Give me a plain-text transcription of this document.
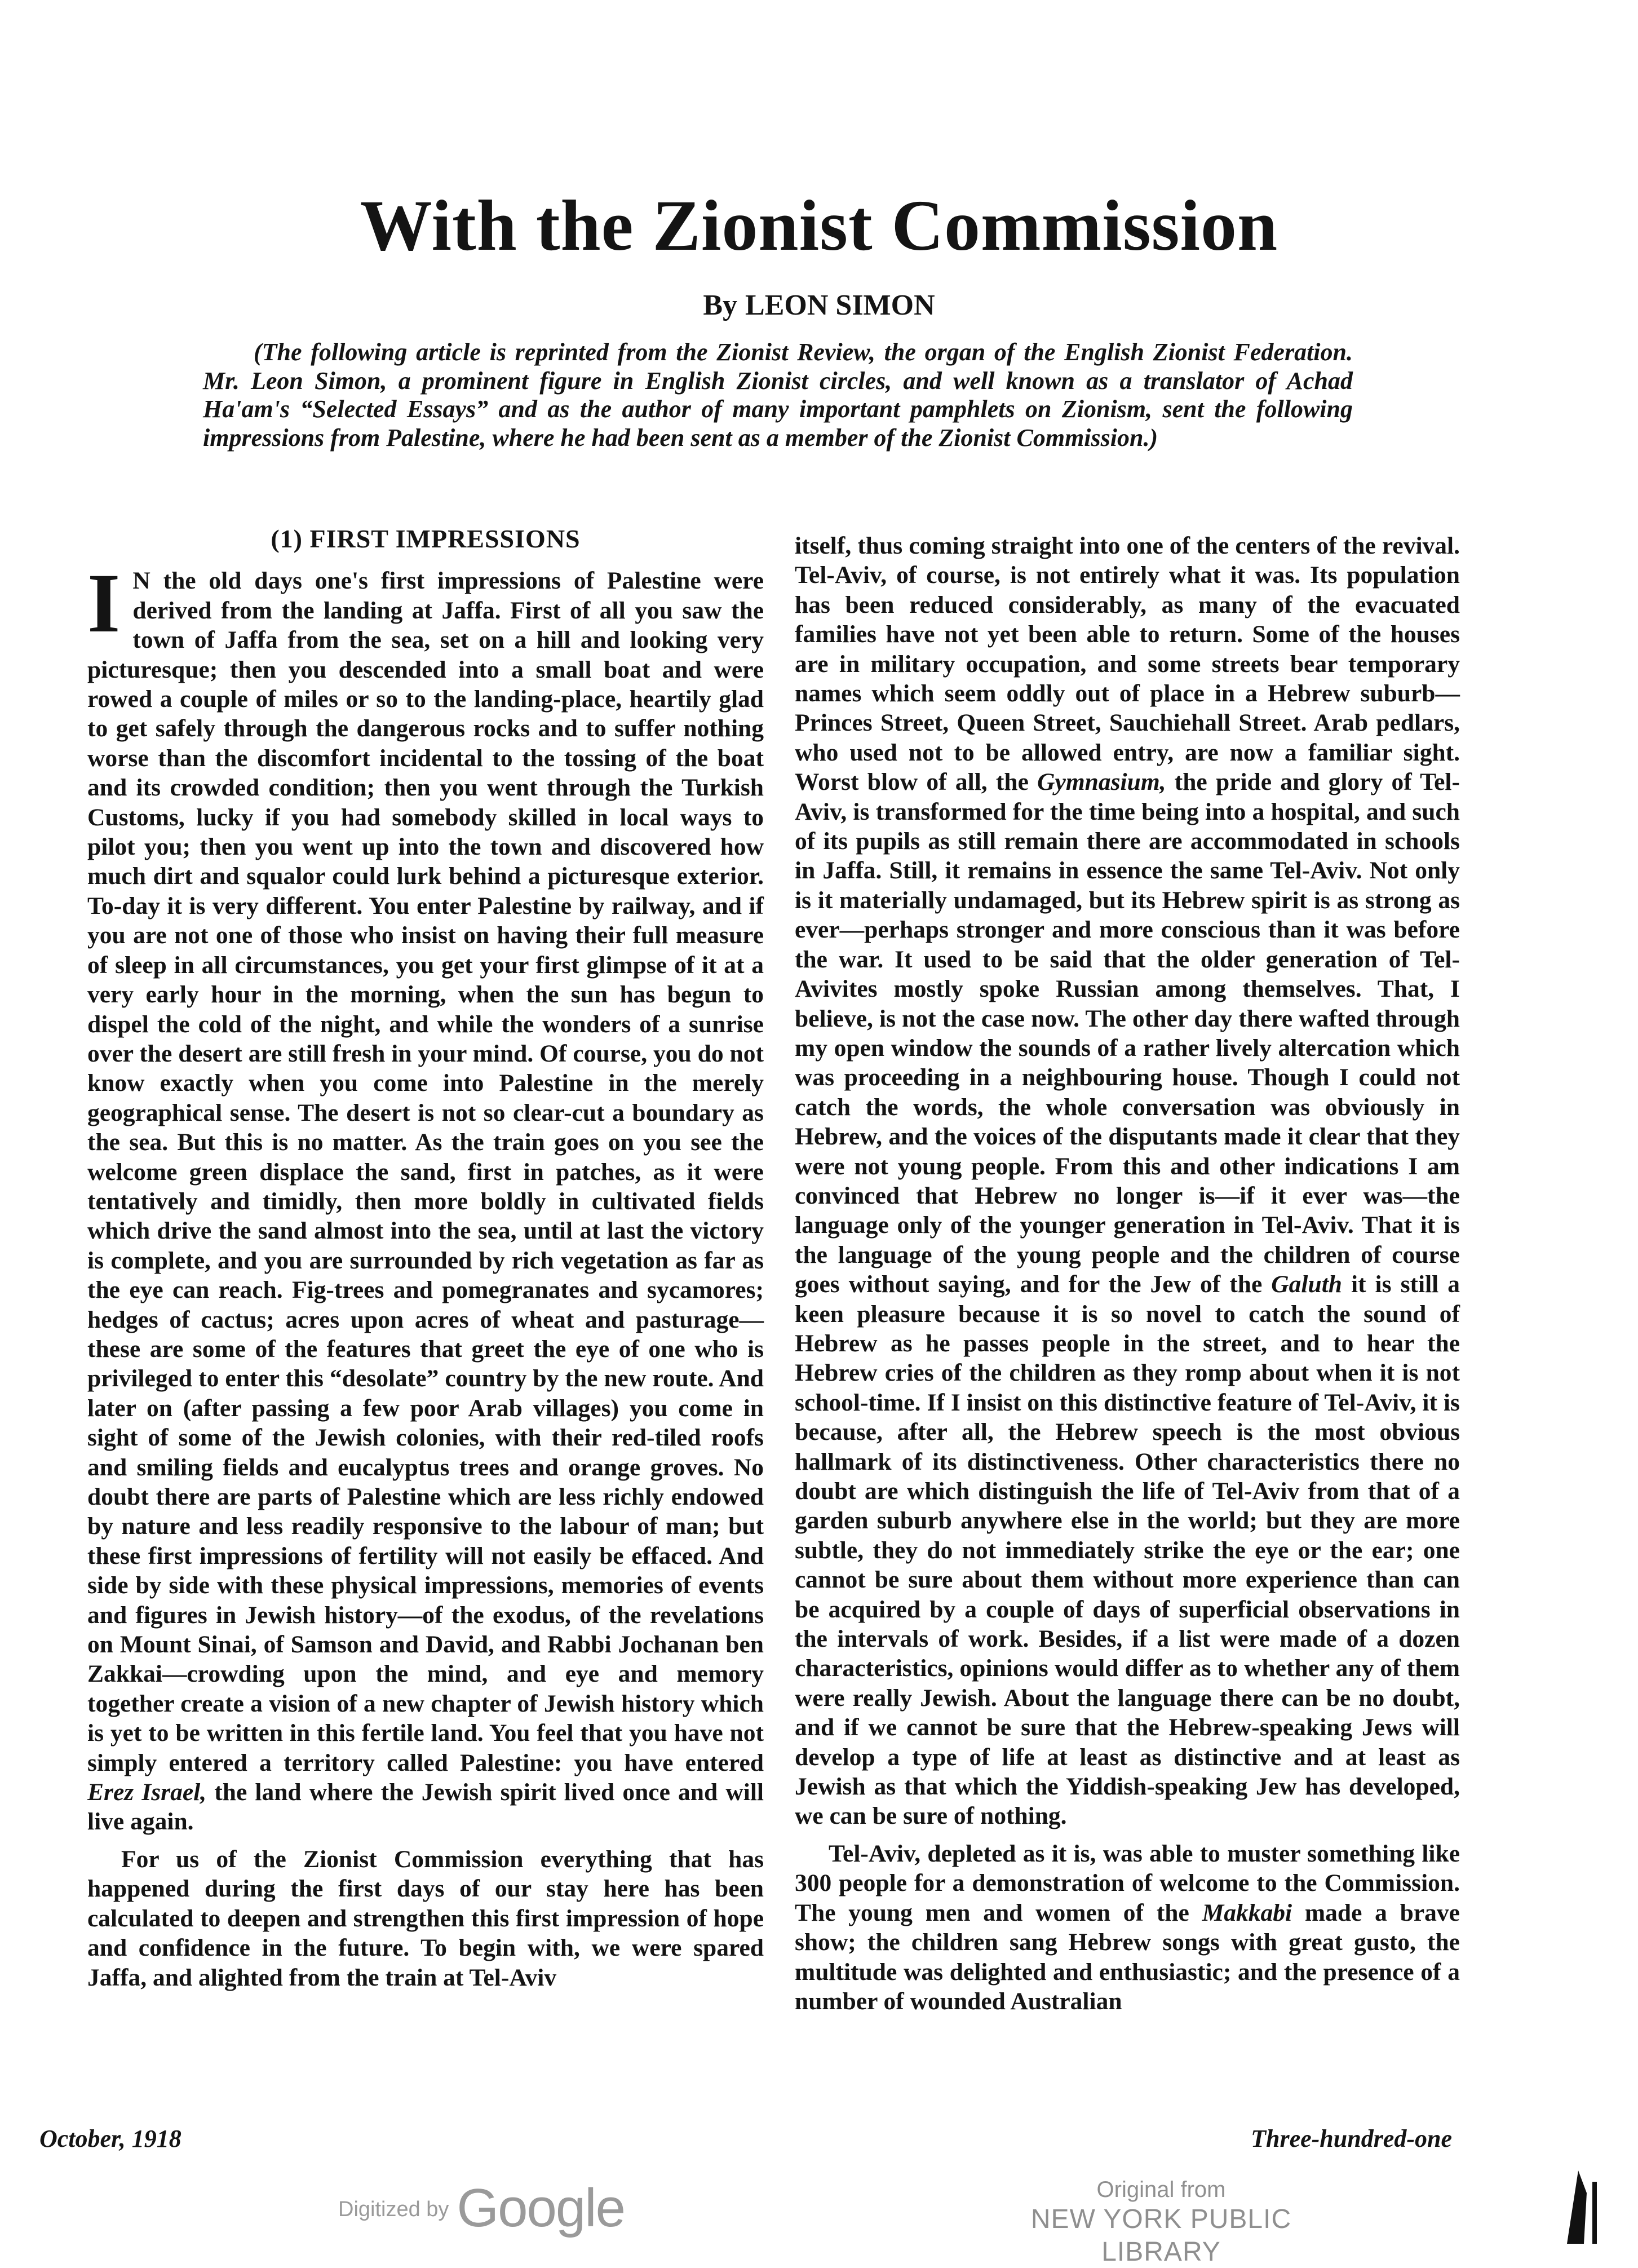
With the Zionist Commission
By LEON SIMON
(The following article is reprinted from the Zionist Review, the organ of the English Zionist Federation. Mr. Leon Simon, a prominent figure in English Zionist circles, and well known as a translator of Achad Ha'am's “Selected Essays” and as the author of many important pamphlets on Zionism, sent the following impressions from Palestine, where he had been sent as a member of the Zionist Commission.)
(1) FIRST IMPRESSIONS

I N the old days one's first impressions of Palestine were derived from the landing at Jaffa. First of all you saw the town of Jaffa from the sea, set on a hill and looking very picturesque; then you descended into a small boat and were rowed a couple of miles or so to the landing-place, heartily glad to get safely through the dangerous rocks and to suffer nothing worse than the discomfort incidental to the tossing of the boat and its crowded condition; then you went through the Turkish Customs, lucky if you had somebody skilled in local ways to pilot you; then you went up into the town and discovered how much dirt and squalor could lurk behind a picturesque exterior. To-day it is very different. You enter Palestine by railway, and if you are not one of those who insist on having their full measure of sleep in all circumstances, you get your first glimpse of it at a very early hour in the morning, when the sun has begun to dispel the cold of the night, and while the wonders of a sunrise over the desert are still fresh in your mind. Of course, you do not know exactly when you come into Palestine in the merely geographical sense. The desert is not so clear-cut a boundary as the sea. But this is no matter. As the train goes on you see the welcome green displace the sand, first in patches, as it were tentatively and timidly, then more boldly in cultivated fields which drive the sand almost into the sea, until at last the victory is complete, and you are surrounded by rich vegetation as far as the eye can reach. Fig-trees and pomegranates and sycamores; hedges of cactus; acres upon acres of wheat and pasturage—these are some of the features that greet the eye of one who is privileged to enter this “desolate” country by the new route. And later on (after passing a few poor Arab villages) you come in sight of some of the Jewish colonies, with their red-tiled roofs and smiling fields and eucalyptus trees and orange groves. No doubt there are parts of Palestine which are less richly endowed by nature and less readily responsive to the labour of man; but these first impressions of fertility will not easily be effaced. And side by side with these physical impressions, memories of events and figures in Jewish history—of the exodus, of the revelations on Mount Sinai, of Samson and David, and Rabbi Jochanan ben Zakkai—crowding upon the mind, and eye and memory together create a vision of a new chapter of Jewish history which is yet to be written in this fertile land. You feel that you have not simply entered a territory called Palestine: you have entered Erez Israel, the land where the Jewish spirit lived once and will live again.

For us of the Zionist Commission everything that has happened during the first days of our stay here has been calculated to deepen and strengthen this first impression of hope and confidence in the future. To begin with, we were spared Jaffa, and alighted from the train at Tel-Aviv

itself, thus coming straight into one of the centers of the revival. Tel-Aviv, of course, is not entirely what it was. Its population has been reduced considerably, as many of the evacuated families have not yet been able to return. Some of the houses are in military occupation, and some streets bear temporary names which seem oddly out of place in a Hebrew suburb—Princes Street, Queen Street, Sauchiehall Street. Arab pedlars, who used not to be allowed entry, are now a familiar sight. Worst blow of all, the Gymnasium, the pride and glory of Tel-Aviv, is transformed for the time being into a hospital, and such of its pupils as still remain there are accommodated in schools in Jaffa. Still, it remains in essence the same Tel-Aviv. Not only is it materially undamaged, but its Hebrew spirit is as strong as ever—perhaps stronger and more conscious than it was before the war. It used to be said that the older generation of Tel-Avivites mostly spoke Russian among themselves. That, I believe, is not the case now. The other day there wafted through my open window the sounds of a rather lively altercation which was proceeding in a neighbouring house. Though I could not catch the words, the whole conversation was obviously in Hebrew, and the voices of the disputants made it clear that they were not young people. From this and other indications I am convinced that Hebrew no longer is—if it ever was—the language only of the younger generation in Tel-Aviv. That it is the language of the young people and the children of course goes without saying, and for the Jew of the Galuth it is still a keen pleasure because it is so novel to catch the sound of Hebrew as he passes people in the street, and to hear the Hebrew cries of the children as they romp about when it is not school-time. If I insist on this distinctive feature of Tel-Aviv, it is because, after all, the Hebrew speech is the most obvious hallmark of its distinctiveness. Other characteristics there no doubt are which distinguish the life of Tel-Aviv from that of a garden suburb anywhere else in the world; but they are more subtle, they do not immediately strike the eye or the ear; one cannot be sure about them without more experience than can be acquired by a couple of days of superficial observations in the intervals of work. Besides, if a list were made of a dozen characteristics, opinions would differ as to whether any of them were really Jewish. About the language there can be no doubt, and if we cannot be sure that the Hebrew-speaking Jews will develop a type of life at least as distinctive and at least as Jewish as that which the Yiddish-speaking Jew has developed, we can be sure of nothing.

Tel-Aviv, depleted as it is, was able to muster something like 300 people for a demonstration of welcome to the Commission. The young men and women of the Makkabi made a brave show; the children sang Hebrew songs with great gusto, the multitude was delighted and enthusiastic; and the presence of a number of wounded Australian

October, 1918	Three-hundred-one
Digitized by Google	Original from
NEW YORK PUBLIC LIBRARY
